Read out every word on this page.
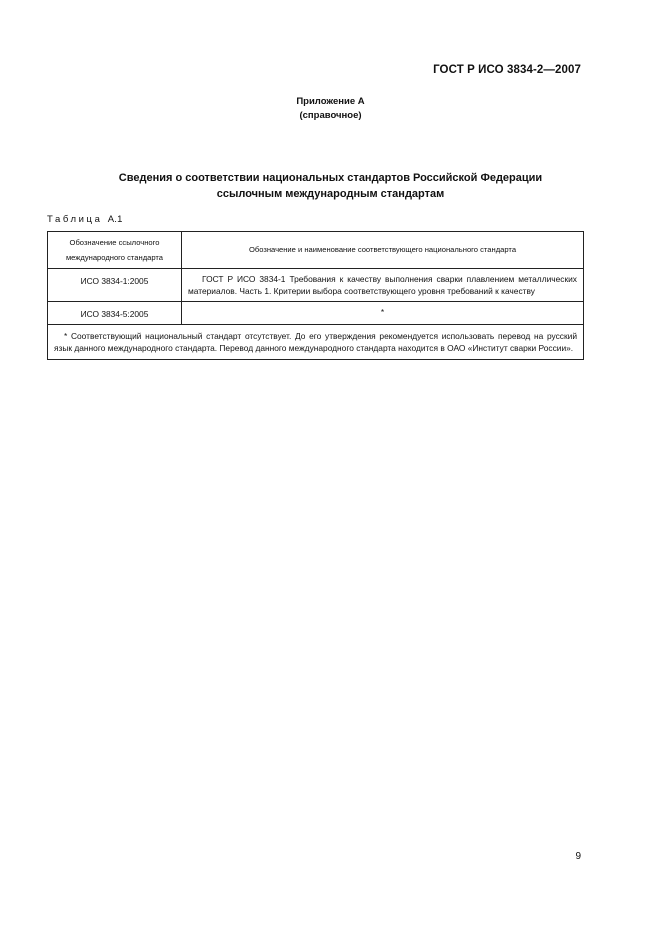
ГОСТ Р ИСО 3834-2—2007
Приложение А
(справочное)
Сведения о соответствии национальных стандартов Российской Федерации
ссылочным международным стандартам
Таблица А.1
Обозначение ссылочного
международного стандарта	Обозначение и наименование соответствующего национального стандарта
ИСО 3834-1:2005	ГОСТ Р ИСО 3834-1 Требования к качеству выполнения сварки плавлением металлических материалов. Часть 1. Критерии выбора соответствующего уровня требований к качеству

ИСО 3834-5:2005	*
* Соответствующий национальный стандарт отсутствует. До его утверждения рекомендуется использовать перевод на русский язык данного международного стандарта. Перевод данного международного стандарта находится в ОАО «Институт сварки России».	
9
